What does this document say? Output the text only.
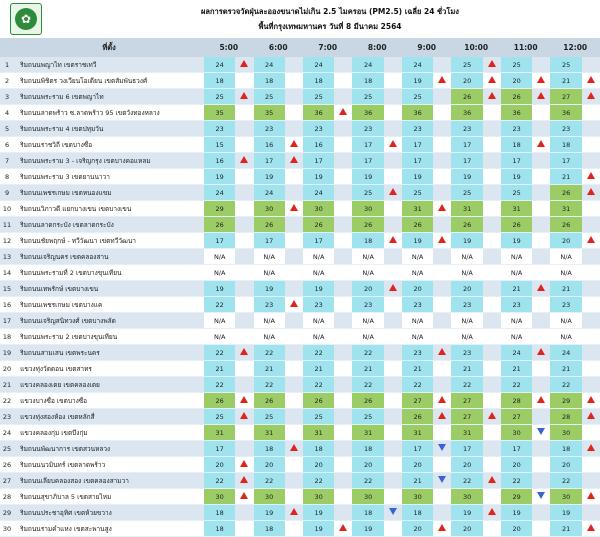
✿
ผลการตรวจวัดฝุ่นละอองขนาดไม่เกิน 2.5 ไมครอน (PM2.5) เฉลี่ย 24 ชั่วโมง
พื้นที่กรุงเทพมหานคร วันที่ 8 มีนาคม 2564
	ที่ตั้ง	5:00		6:00		7:00		8:00		9:00		10:00		11:00		12:00	
1	ริมถนนพญาไท เขตราชเทวี	24		24		24		24		24		25		25		25	
2	ริมถนนพิชิตร วงเวียนโอเดียน เขตสัมพันธวงศ์	18		18		18		18		19		20		20		21	
3	ริมถนนพระราม 6 เขตพญาไท	25		25		25		25		25		26		26		27	
4	ริมถนนลาดพร้าว ซ.ลาดพร้าว 95 เขตวังทองหลาง	35		35		36		36		36		36		36		36	
5	ริมถนนพระราม 4 เขตปทุมวัน	23		23		23		23		23		23		23		23	
6	ริมถนนราชวิถี เขตบางซื่อ	15		16		16		17		17		17		18		18	
7	ริมถนนพระราม 3 - เจริญกรุง เขตบางคอแหลม	16		17		17		17		17		17		17		17	
8	ริมถนนพระราม 3 เขตยานนาวา	19		19		19		19		19		19		19		21	
9	ริมถนนเพชรเกษม เขตหนองแขม	24		24		24		25		25		25		25		26	
10	ริมถนนวิภาวดี แยกบางเขน เขตบางเขน	29		30		30		30		31		31		31		31	
11	ริมถนนลาดกระบัง เขตลาดกระบัง	26		26		26		26		26		26		26		26	
12	ริมถนนชัยพฤกษ์ - ทวีวัฒนา เขตทวีวัฒนา	17		17		17		18		19		19		19		20	
13	ริมถนนเจริญนคร เขตคลองสาน	N/A		N/A		N/A		N/A		N/A		N/A		N/A		N/A	
14	ริมถนนพระรามที่ 2 เขตบางขุนเทียน	N/A		N/A		N/A		N/A		N/A		N/A		N/A		N/A	
15	ริมถนนเทพรักษ์ เขตบางเขน	19		19		19		20		20		20		21		21	
16	ริมถนนเพชรเกษม เขตบางแค	22		23		23		23		23		23		23		23	
17	ริมถนนเจริญสนิทวงศ์ เขตบางพลัด	N/A		N/A		N/A		N/A		N/A		N/A		N/A		N/A	
18	ริมถนนพระราม 2 เขตบางขุนเทียน	N/A		N/A		N/A		N/A		N/A		N/A		N/A		N/A	
19	ริมถนนสามเสน เขตพระนคร	22		22		22		22		23		23		24		24	
20	แขวงทุ่งวัดดอน เขตสาทร	21		21		21		21		21		21		21		21	
21	แขวงคลองเตย เขตคลองเตย	22		22		22		22		22		22		22		22	
22	แขวงบางซื่อ เขตบางซื่อ	26		26		26		26		27		27		28		29	
23	แขวงทุ่งสองห้อง เขตหลักสี่	25		25		25		25		26		27		27		28	
24	แขวงคลองกุ่ม เขตบึงกุ่ม	31		31		31		31		31		31		30		30	
25	ริมถนนพัฒนาการ เขตสวนหลวง	17		18		18		18		17		17		17		18	
26	ริมถนนนวมินทร์ เขตลาดพร้าว	20		20		20		20		20		20		20		20	
27	ริมถนนเลียบคลองสอง เขตคลองสามวา	22		22		22		22		21		22		22		22	
28	ริมถนนสุขาภิบาล 5 เขตสายไหม	30		30		30		30		30		30		29		30	
29	ริมถนนประชาอุทิศ เขตห้วยขวาง	18		19		19		18		18		19		19		19	
30	ริมถนนรามคำแหง เขตสะพานสูง	18		18		19		19		20		20		20		21	
